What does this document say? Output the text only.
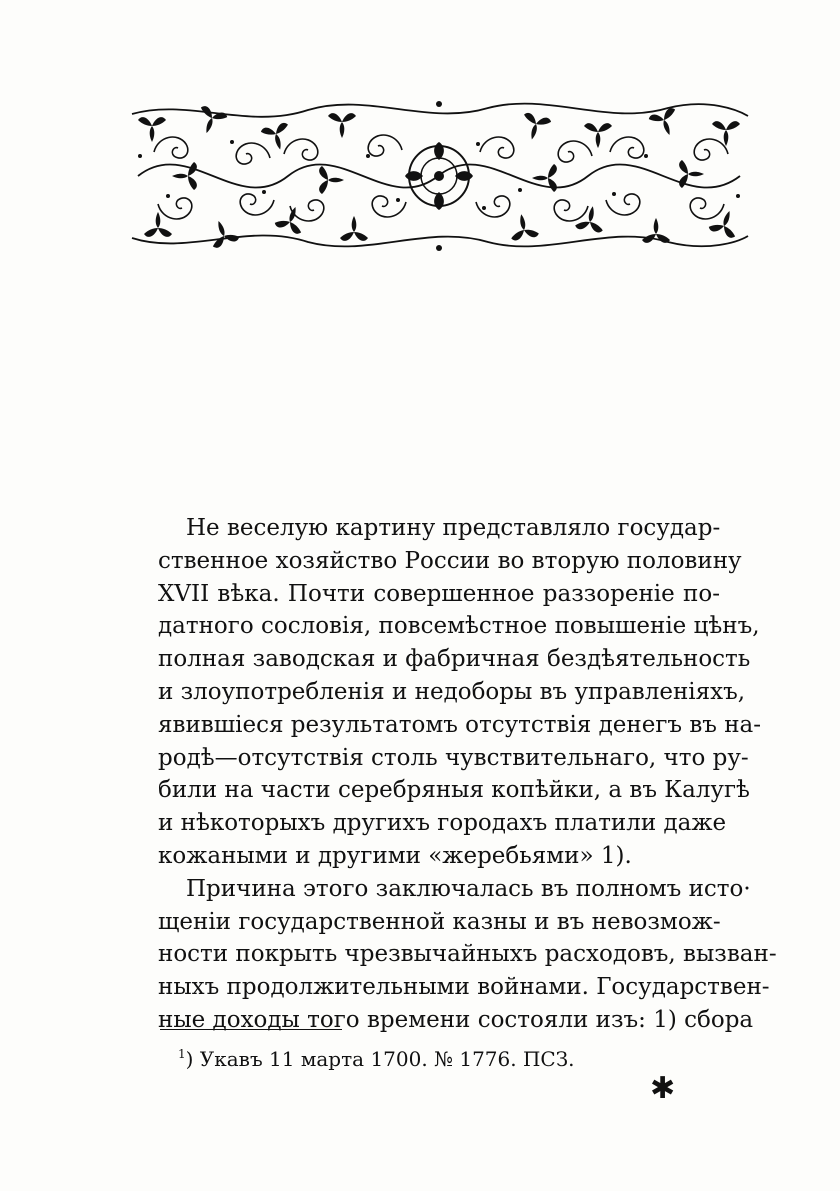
Не веселую картину представляло государ-
ственное хозяйство России во вторую половину
XVII вѣка. Почти совершенное раззореніе по-
датного сословія, повсемѣстное повышеніе цѣнъ,
полная заводская и фабричная бездѣятельность
и злоупотребленія и недоборы въ управленіяхъ,
явившіеся результатомъ отсутствія денегъ въ на-
родѣ—отсутствія столь чувствительнаго, что ру-
били на части серебряныя копѣйки, а въ Калугѣ
и нѣкоторыхъ другихъ городахъ платили даже
кожаными и другими «жеребьями» 1).
Причина этого заключалась въ полномъ исто·
щеніи государственной казны и въ невозмож-
ности покрыть чрезвычайныхъ расходовъ, вызван-
ныхъ продолжительными войнами. Государствен-
ные доходы того времени состояли изъ: 1) сбора
$^1$) Укавъ 11 марта 1700. № 1776. ПСЗ.
✱
